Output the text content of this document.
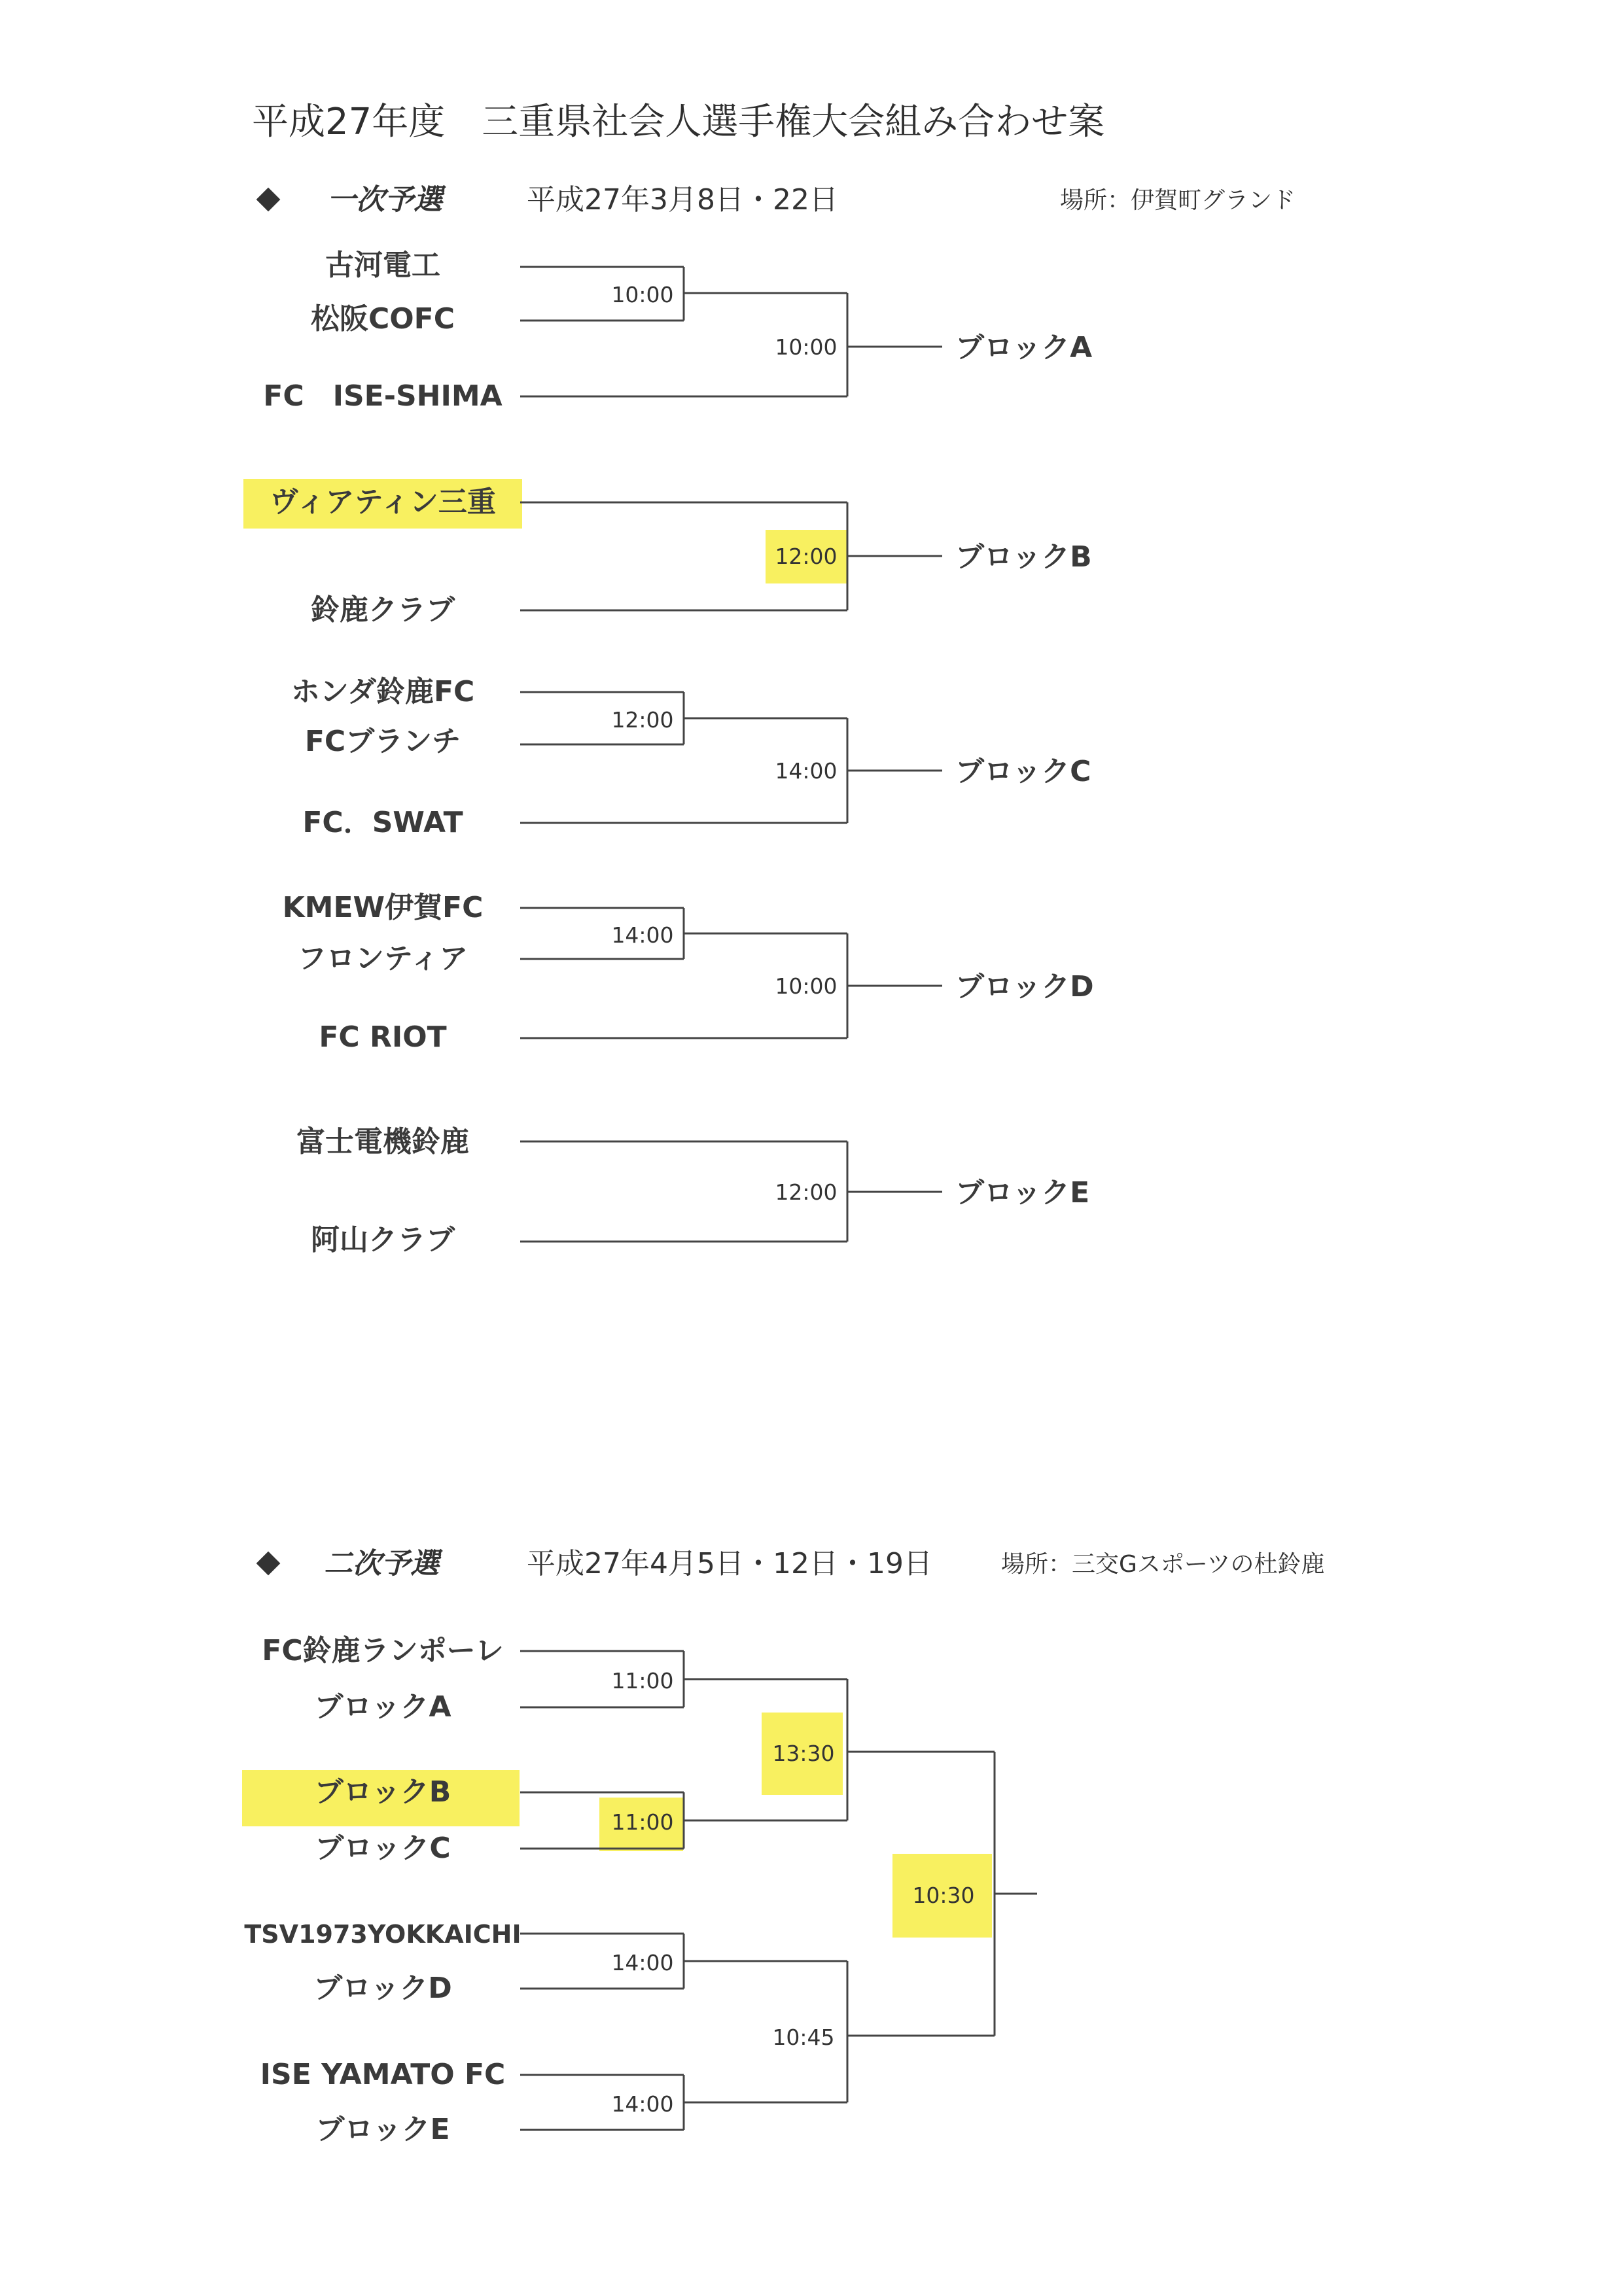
平成27年度　三重県社会人選手権大会組み合わせ案
一次予選	平成27年3月8日・22日	場所：伊賀町グランド
古河電工
松阪COFC
FC　ISE-SHIMA
ヴィアティン三重
鈴鹿クラブ
ホンダ鈴鹿FC
FCブランチ
FC．SWAT
KMEW伊賀FC
フロンティア
FC RIOT
富士電機鈴鹿
阿山クラブ
10:00
10:00
12:00
12:00
14:00
14:00
10:00
12:00
ブロックA
ブロックB
ブロックC
ブロックD
ブロックE
二次予選	平成27年4月5日・12日・19日	場所：三交Gスポーツの杜鈴鹿
FC鈴鹿ランポーレ
ブロックA
ブロックB
ブロックC
TSV1973YOKKAICHI
ブロックD
ISE YAMATO FC
ブロックE
11:00
11:00
13:30
14:00
14:00
10:45
10:30
